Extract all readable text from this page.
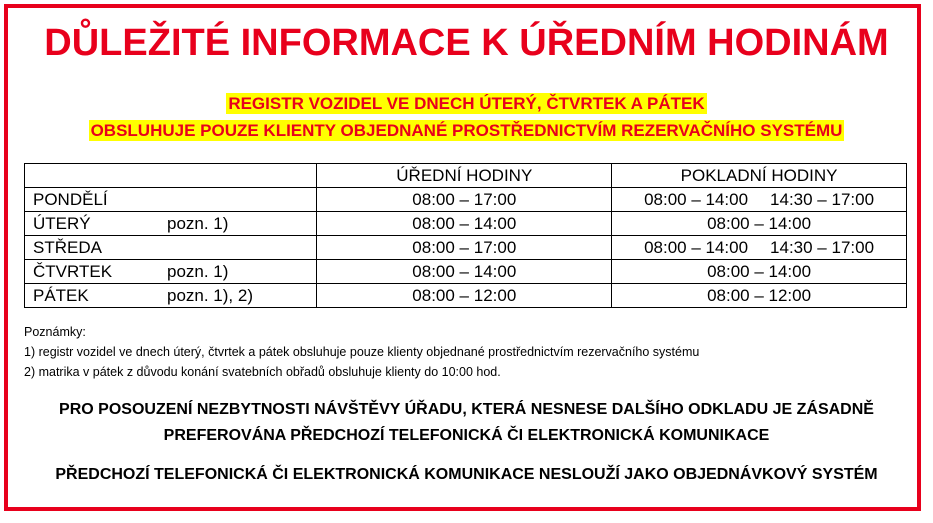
DŮLEŽITÉ INFORMACE K ÚŘEDNÍM HODINÁM
REGISTR VOZIDEL VE DNECH ÚTERÝ, ČTVRTEK A PÁTEK
OBSLUHUJE POUZE KLIENTY OBJEDNANÉ PROSTŘEDNICTVÍM REZERVAČNÍHO SYSTÉMU
	ÚŘEDNÍ HODINY	POKLADNÍ HODINY
PONDĚLÍ	08:00 – 17:00	08:00 – 14:00 14:30 – 17:00
ÚTERÝ pozn. 1)	08:00 – 14:00	08:00 – 14:00
STŘEDA	08:00 – 17:00	08:00 – 14:00 14:30 – 17:00
ČTVRTEK pozn. 1)	08:00 – 14:00	08:00 – 14:00
PÁTEK pozn. 1), 2)	08:00 – 12:00	08:00 – 12:00
Poznámky:
1) registr vozidel ve dnech úterý, čtvrtek a pátek obsluhuje pouze klienty objednané prostřednictvím rezervačního systému
2) matrika v pátek z důvodu konání svatebních obřadů obsluhuje klienty do 10:00 hod.
PRO POSOUZENÍ NEZBYTNOSTI NÁVŠTĚVY ÚŘADU, KTERÁ NESNESE DALŠÍHO ODKLADU JE ZÁSADNĚ
PREFEROVÁNA PŘEDCHOZÍ TELEFONICKÁ ČI ELEKTRONICKÁ KOMUNIKACE
PŘEDCHOZÍ TELEFONICKÁ ČI ELEKTRONICKÁ KOMUNIKACE NESLOUŽÍ JAKO OBJEDNÁVKOVÝ SYSTÉM
